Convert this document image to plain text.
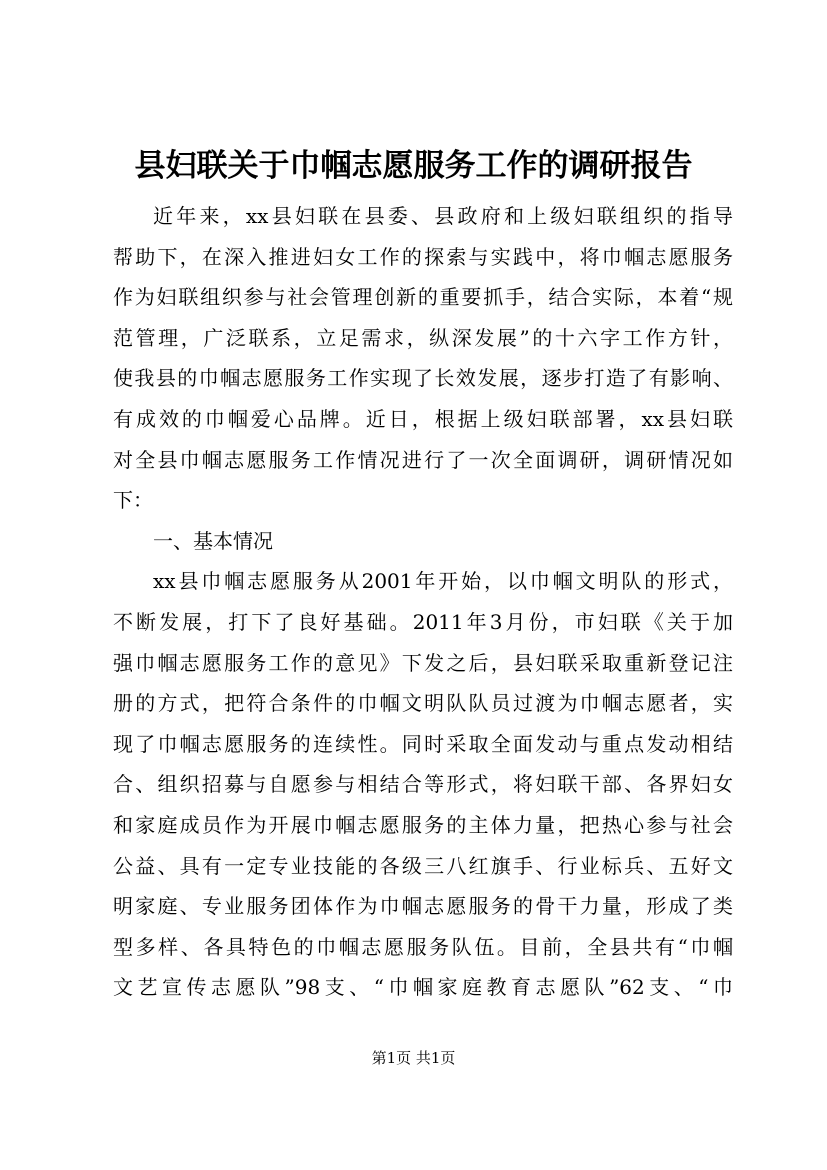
县妇联关于巾帼志愿服务工作的调研报告
近年来，xx县妇联在县委、县政府和上级妇联组织的指导
帮助下，在深入推进妇女工作的探索与实践中，将巾帼志愿服务
作为妇联组织参与社会管理创新的重要抓手，结合实际，本着“规
范管理，广泛联系，立足需求，纵深发展”的十六字工作方针，
使我县的巾帼志愿服务工作实现了长效发展，逐步打造了有影响、
有成效的巾帼爱心品牌。近日，根据上级妇联部署，xx县妇联
对全县巾帼志愿服务工作情况进行了一次全面调研，调研情况如
下：
一、基本情况
xx县巾帼志愿服务从2001年开始，以巾帼文明队的形式，
不断发展，打下了良好基础。2011年3月份，市妇联《关于加
强巾帼志愿服务工作的意见》下发之后，县妇联采取重新登记注
册的方式，把符合条件的巾帼文明队队员过渡为巾帼志愿者，实
现了巾帼志愿服务的连续性。同时采取全面发动与重点发动相结
合、组织招募与自愿参与相结合等形式，将妇联干部、各界妇女
和家庭成员作为开展巾帼志愿服务的主体力量，把热心参与社会
公益、具有一定专业技能的各级三八红旗手、行业标兵、五好文
明家庭、专业服务团体作为巾帼志愿服务的骨干力量，形成了类
型多样、各具特色的巾帼志愿服务队伍。目前，全县共有“巾帼
文艺宣传志愿队”98支、“巾帼家庭教育志愿队”62支、“巾
第1页 共1页
